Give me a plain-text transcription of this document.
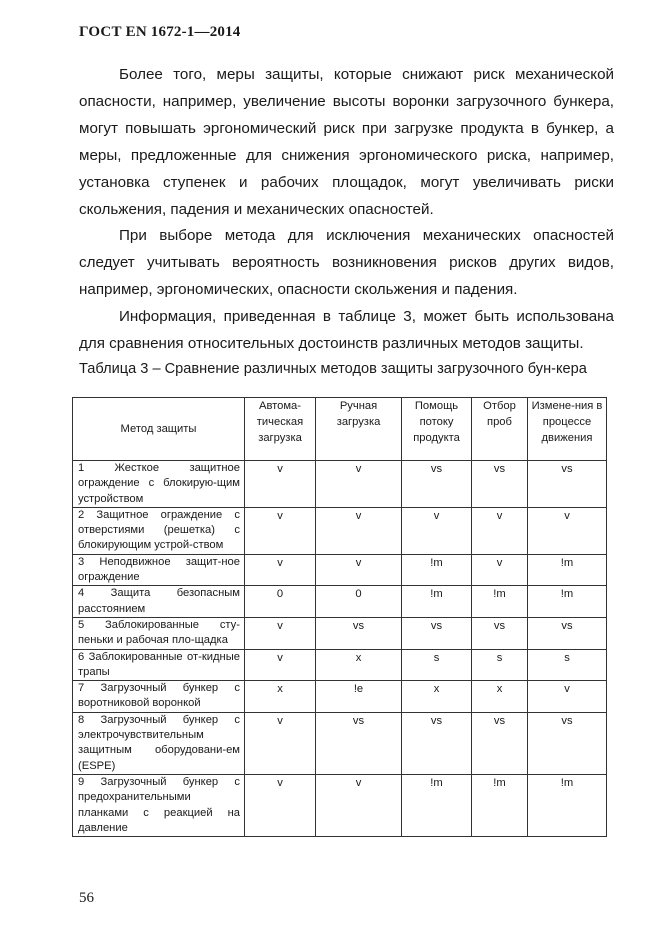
ГОСТ EN 1672-1—2014

Более того, меры защиты, которые снижают риск механической опасности, например, увеличение высоты воронки загрузочного бункера, могут повышать эргономический риск при загрузке продукта в бункер, а меры, предложенные для снижения эргономического риска, например, установка ступенек и рабочих площадок, могут увеличивать риски скольжения, падения и механических опасностей.

При выборе метода для исключения механических опасностей следует учитывать вероятность возникновения рисков других видов, например, эргономических, опасности скольжения и падения.

Информация, приведенная в таблице 3, может быть использована для сравнения относительных достоинств различных методов защиты.

Таблица 3 – Сравнение различных методов защиты загрузочного бун-кера
Метод защиты	Автома-тическая загрузка	Ручная загрузка	Помощь потоку продукта	Отбор проб	Измене-ния в процессе движения
1 Жесткое защитное ограждение с блокирую-щим устройством	v	v	vs	vs	vs
2 Защитное ограждение с отверстиями (решетка) с блокирующим устрой-ством	v	v	v	v	v
3 Неподвижное защит-ное ограждение	v	v	!m	v	!m
4 Защита безопасным расстоянием	0	0	!m	!m	!m
5 Заблокированные сту-пеньки и рабочая пло-щадка	v	vs	vs	vs	vs
6 Заблокированные от-кидные трапы	v	x	s	s	s
7 Загрузочный бункер с воротниковой воронкой	x	!e	x	x	v
8 Загрузочный бункер с электрочувствительным защитным оборудовани-ем (ESPE)	v	vs	vs	vs	vs
9 Загрузочный бункер с предохранительными планками с реакцией на давление	v	v	!m	!m	!m
56
